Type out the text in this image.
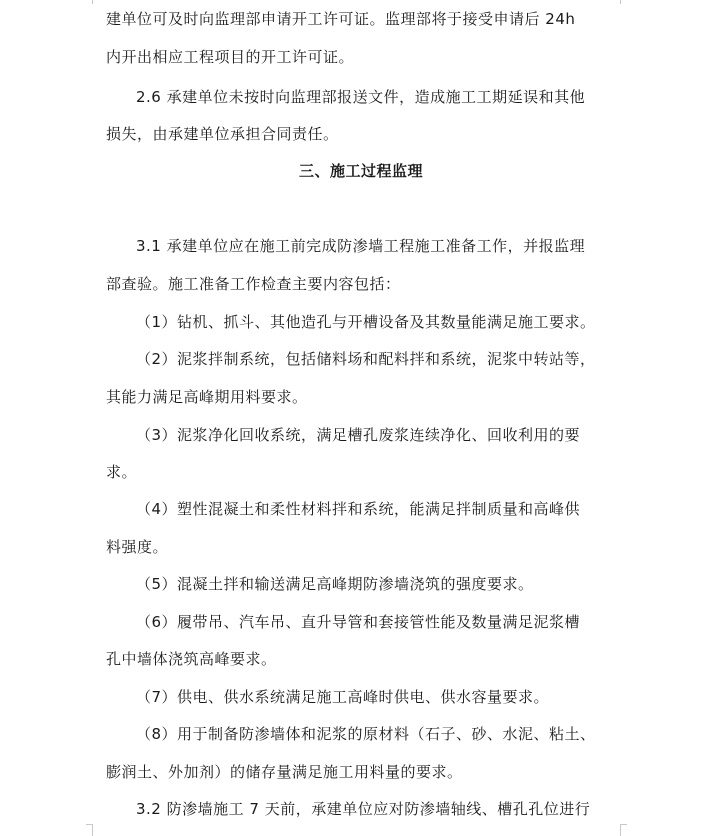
建单位可及时向监理部申请开工许可证。监理部将于接受申请后 24h
内开出相应工程项目的开工许可证。
2.6 承建单位未按时向监理部报送文件，造成施工工期延误和其他
损失，由承建单位承担合同责任。
三、施工过程监理
3.1 承建单位应在施工前完成防渗墙工程施工准备工作，并报监理
部查验。施工准备工作检查主要内容包括：
（1）钻机、抓斗、其他造孔与开槽设备及其数量能满足施工要求。
（2）泥浆拌制系统，包括储料场和配料拌和系统，泥浆中转站等，
其能力满足高峰期用料要求。
（3）泥浆净化回收系统，满足槽孔废浆连续净化、回收利用的要
求。
（4）塑性混凝土和柔性材料拌和系统，能满足拌制质量和高峰供
料强度。
（5）混凝土拌和输送满足高峰期防渗墙浇筑的强度要求。
（6）履带吊、汽车吊、直升导管和套接管性能及数量满足泥浆槽
孔中墙体浇筑高峰要求。
（7）供电、供水系统满足施工高峰时供电、供水容量要求。
（8）用于制备防渗墙体和泥浆的原材料（石子、砂、水泥、粘土、
膨润土、外加剂）的储存量满足施工用料量的要求。
3.2 防渗墙施工 7 天前，承建单位应对防渗墙轴线、槽孔孔位进行
